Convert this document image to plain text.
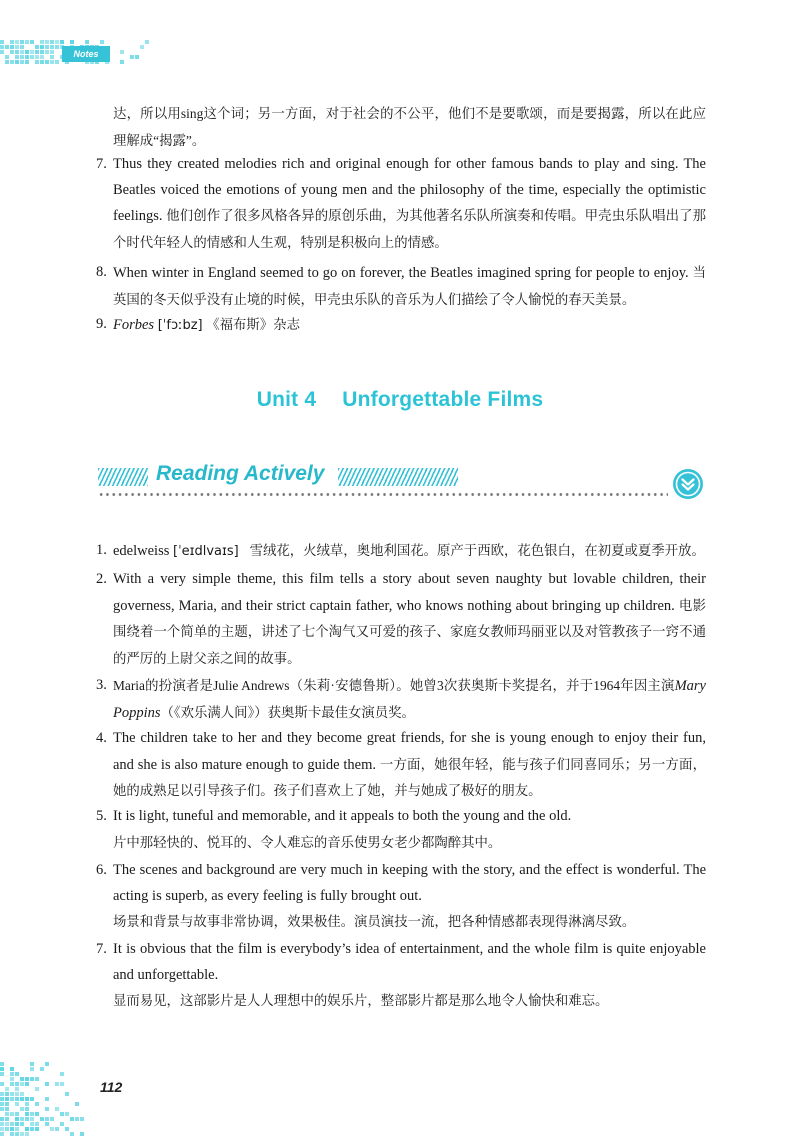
Notes

达，所以用sing这个词；另一方面，对于社会的不公平，他们不是要歌颂，而是要揭露，所以在此应理解成“揭露”。

7. Thus they created melodies rich and original enough for other famous bands to play and sing. The Beatles voiced the emotions of young men and the philosophy of the time, especially the optimistic feelings. 他们创作了很多风格各异的原创乐曲，为其他著名乐队所演奏和传唱。甲壳虫乐队唱出了那个时代年轻人的情感和人生观，特别是积极向上的情感。

8. When winter in England seemed to go on forever, the Beatles imagined spring for people to enjoy. 当英国的冬天似乎没有止境的时候，甲壳虫乐队的音乐为人们描绘了令人愉悦的春天美景。

9. Forbes [ˈfɔːbz] 《福布斯》杂志

Unit 4 Unforgettable Films
Reading Actively

1. edelweiss [ˈeɪdlvaɪs] 雪绒花，火绒草，奥地利国花。原产于西欧，花色银白，在初夏或夏季开放。

2. With a very simple theme, this film tells a story about seven naughty but lovable children, their governess, Maria, and their strict captain father, who knows nothing about bringing up children. 电影围绕着一个简单的主题，讲述了七个淘气又可爱的孩子、家庭女教师玛丽亚以及对管教孩子一窍不通的严厉的上尉父亲之间的故事。

3. Maria的扮演者是Julie Andrews（朱莉·安德鲁斯）。她曾3次获奥斯卡奖提名，并于1964年因主演Mary Poppins（《欢乐满人间》）获奥斯卡最佳女演员奖。

4. The children take to her and they become great friends, for she is young enough to enjoy their fun, and she is also mature enough to guide them. 一方面，她很年轻，能与孩子们同喜同乐；另一方面，她的成熟足以引导孩子们。孩子们喜欢上了她，并与她成了极好的朋友。

5. It is light, tuneful and memorable, and it appeals to both the young and the old.
片中那轻快的、悦耳的、令人难忘的音乐使男女老少都陶醉其中。

6. The scenes and background are very much in keeping with the story, and the effect is wonderful. The acting is superb, as every feeling is fully brought out.
场景和背景与故事非常协调，效果极佳。演员演技一流，把各种情感都表现得淋漓尽致。

7. It is obvious that the film is everybody’s idea of entertainment, and the whole film is quite enjoyable and unforgettable.
显而易见，这部影片是人人理想中的娱乐片，整部影片都是那么地令人愉快和难忘。

112
